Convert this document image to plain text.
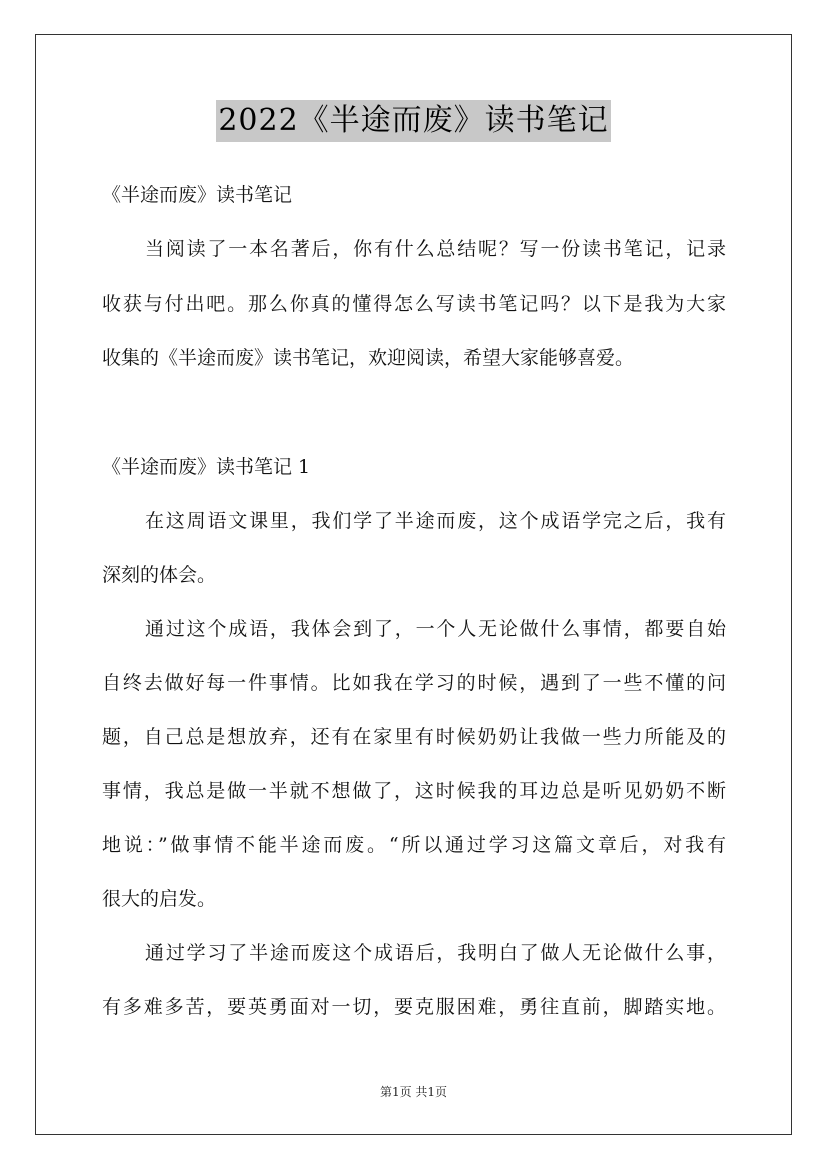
2022《半途而废》读书笔记
《半途而废》读书笔记
当阅读了一本名著后，你有什么总结呢？写一份读书笔记，记录
收获与付出吧。那么你真的懂得怎么写读书笔记吗？以下是我为大家
收集的《半途而废》读书笔记，欢迎阅读，希望大家能够喜爱。
《半途而废》读书笔记 1
在这周语文课里，我们学了半途而废，这个成语学完之后，我有
深刻的体会。
通过这个成语，我体会到了，一个人无论做什么事情，都要自始
自终去做好每一件事情。比如我在学习的时候，遇到了一些不懂的问
题，自己总是想放弃，还有在家里有时候奶奶让我做一些力所能及的
事情，我总是做一半就不想做了，这时候我的耳边总是听见奶奶不断
地说：”做事情不能半途而废。“所以通过学习这篇文章后，对我有
很大的启发。
通过学习了半途而废这个成语后，我明白了做人无论做什么事，
有多难多苦，要英勇面对一切，要克服困难，勇往直前，脚踏实地。
第1页 共1页
